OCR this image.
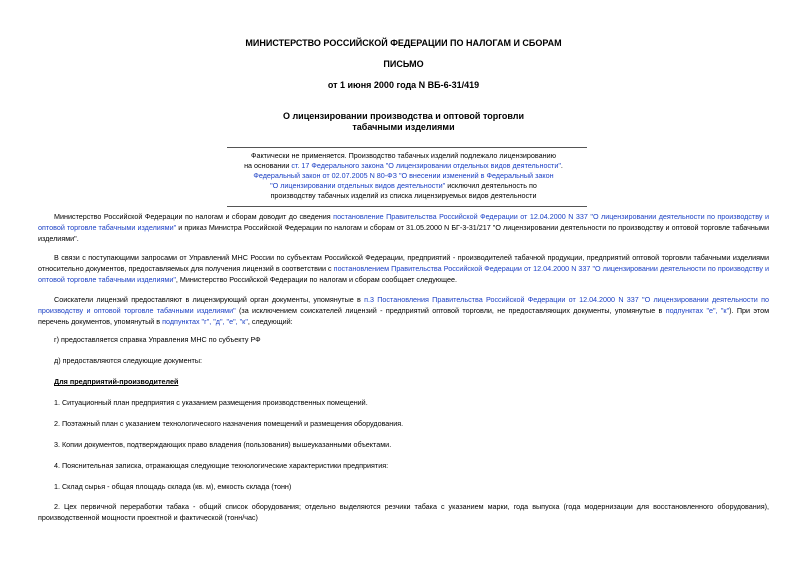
МИНИСТЕРСТВО РОССИЙСКОЙ ФЕДЕРАЦИИ ПО НАЛОГАМ И СБОРАМ
ПИСЬМО
от 1 июня 2000 года N ВБ-6-31/419
О лицензировании производства и оптовой торговли
табачными изделиями
Фактически не применяется. Производство табачных изделий подлежало лицензированию
на основании ст. 17 Федерального закона "О лицензировании отдельных видов деятельности".
Федеральный закон от 02.07.2005 N 80-ФЗ "О внесении изменений в Федеральный закон
"О лицензировании отдельных видов деятельности" исключил деятельность по
производству табачных изделий из списка лицензируемых видов деятельности
Министерство Российской Федерации по налогам и сборам доводит до сведения постановление Правительства Российской Федерации от 12.04.2000 N 337 "О лицензировании деятельности по производству и оптовой торговле табачными изделиями" и приказ Министра Российской Федерации по налогам и сборам от 31.05.2000 N БГ-3-31/217 "О лицензировании деятельности по производству и оптовой торговле табачными изделиями".
В связи с поступающими запросами от Управлений МНС России по субъектам Российской Федерации, предприятий - производителей табачной продукции, предприятий оптовой торговли табачными изделиями относительно документов, предоставляемых для получения лицензий в соответствии с постановлением Правительства Российской Федерации от 12.04.2000 N 337 "О лицензировании деятельности по производству и оптовой торговле табачными изделиями", Министерство Российской Федерации по налогам и сборам сообщает следующее.
Соискатели лицензий предоставляют в лицензирующий орган документы, упомянутые в п.3 Постановления Правительства Российской Федерации от 12.04.2000 N 337 "О лицензировании деятельности по производству и оптовой торговле табачными изделиями" (за исключением соискателей лицензий - предприятий оптовой торговли, не предоставляющих документы, упомянутые в подпунктах "е", "к"). При этом перечень документов, упомянутый в подпунктах "г", "д", "е", "к", следующий:
г) предоставляется справка Управления МНС по субъекту РФ
д) предоставляются следующие документы:
Для предприятий-производителей
1. Ситуационный план предприятия с указанием размещения производственных помещений.
2. Поэтажный план с указанием технологического назначения помещений и размещения оборудования.
3. Копии документов, подтверждающих право владения (пользования) вышеуказанными объектами.
4. Пояснительная записка, отражающая следующие технологические характеристики предприятия:
1. Склад сырья - общая площадь склада (кв. м), емкость склада (тонн)
2. Цех первичной переработки табака - общий список оборудования; отдельно выделяются резчики табака с указанием марки, года выпуска (года модернизации для восстановленного оборудования), производственной мощности проектной и фактической (тонн/час)
